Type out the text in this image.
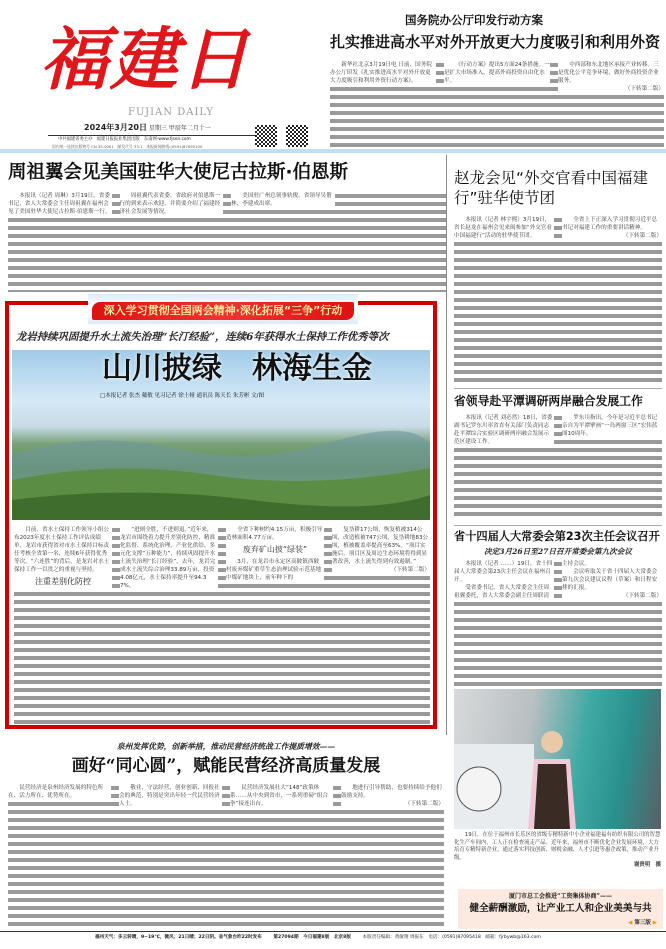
福建日
FUJIAN DAILY
2024年3月20日 星期三 甲辰年二月十一
中共福建省委主办　福建日报报业集团出版　东南网-www.fjsen.com
国内统一连续出版物号 CN 35-0001　邮发代号 33-1　本报新闻热线:(0591)87095100
国务院办公厅印发行动方案
扎实推进高水平对外开放更大力度吸引和利用外资

新华社北京3月19日电 日前，国务院办公厅印发《扎实推进高水平对外开放更大力度吸引和利用外资行动方案》。

《行动方案》提出5方面24条措施。一是扩大市场准入，提高外商投资自由化水平。

中西部和东北地区承接产业转移。三是优化公平竞争环境，做好外商投资企业服务。

（下转第二版）

周祖翼会见美国驻华大使尼古拉斯·伯恩斯

本报讯（记者 周琳）3月19日，省委书记、省人大常委会主任周祖翼在福州会见了美国驻华大使尼古拉斯·伯恩斯一行。

周祖翼代表省委、省政府对伯恩斯一行的到来表示欢迎，并简要介绍了福建经济社会发展等情况。

美国驻广州总领事轨俊、省领导吴偕林、李建成出席。

深入学习贯彻全国两会精神·深化拓展“三争”行动
龙岩持续巩固提升水土流失治理“长汀经验”，连续6年获得水土保持工作优秀等次
山川披绿　林海生金
□本报记者 张杰 戴敏 见习记者 徐士娅 通讯员 陈天长 朱芳彬 文/图

目前，省水土保持工作领导小组公布2023年度水土保持工作评估成绩单，龙岩市获得省对市水土保持目标责任考核全省第一名，连续6年获得优秀等次。“六连胜”的背后，是龙岩对水土保持工作一以贯之的重视与坚持。

注重差别化防控

“进则全胜，不进则退。”近年来，龙岩市围绕着力提升差别化防控、精准化监督、系统化治理、产业化供给、多元化支撑“五种能力”，持续巩固提升水土流失治理“长汀经验”。去年，龙岩完成水土流失综合治理33.89万亩，投资4.08亿元，水土保持率提升至94.37%。

全省下种树约4.15万亩，积极引导造林面积4.77万亩。

废弃矿山披“绿装”

3月，在龙岩市永定区高陂镇西陂村废弃煤矿重草生态治理试验示范基地中煤矿地块上，前年种下的

复垦耕17公顷，恢复植被314公顷，改造植被747公顷，复垦耕地83公顷，植被覆盖率提高至63%。“项目实施后，项目区及周边生态环境将得到显著改善，水土流失得到有效遏制。”

（下转第二版）

赵龙会见“外交官看中国福建行”驻华使节团

本报讯（记者 林宇熙）3月19日，省长赵龙在福州会见来闽参加“外交官看中国福建行”活动的驻华使节团。

全省上下正深入学习贯彻习近平总书记对福建工作的重要讲话精神。

（下转第二版）

省领导赴平潭调研两岸融合发展工作

本报讯（记者 刘必然）18日，省委副书记罗东川率省直有关部门负责同志赴平潭综合实验区调研两岸融合发展示范区建设工作。

罗东川指出，今年是习近平总书记亲自为平潭擘画“一岛两窗三区”宏伟蓝图10周年。

省十四届人大常委会第23次主任会议召开
决定3月26日至27日召开常委会第九次会议

本报讯（记者 ……）19日，省十四届人大常委会第23次主任会议在福州召开。

受省委书记、省人大常委会主任周祖翼委托，省人大常委会副主任周联清主持会议。

会议听取关于省十四届人大常委会第九次会议建议议程（草案）和日程安排的汇报。

（下转第二版）

19日，在位于福州市长乐区的省级专精特新中小企业福建福有纺织有限公司的智慧化生产车间内，工人正在检查流走产品。近年来，福州市不断优化企业发展环境，大力培育专精特新企业，通过落实科技创新、财税金融、人才引进等惠企政策，推动产业升级。
谢贵明　摄
厦门市总工会推进“工资集体协商”——
健全薪酬激励，让产业工人和企业美美与共
◀ 第三版 ▶
泉州发挥优势，创新举措，推动民营经济统战工作提质增效——
画好“同心圆”，赋能民营经济高质量发展

民营经济是泉州经济发展的特色所在、活力所在、优势所在。

敬业、守法经营、创业创新、回报社会的典范，特别是突出年轻一代民营经济人士。

民营经济发展壮大“148”政策体系……从中央到省市，一系列重磅“组合拳”接连出台。

地进行引导帮助，也要持续给予他们鼓励支持。

（下转第二版）

福州天气：多云转晴，9~19℃，微风；21日晴；22日阴。省气象台昨22时发布	第27094期　今日福建8版　北京8版	本版责任编辑：黄敏翔 周振东　电话：(0591)87095418　邮箱：fjrbywb@163.com
